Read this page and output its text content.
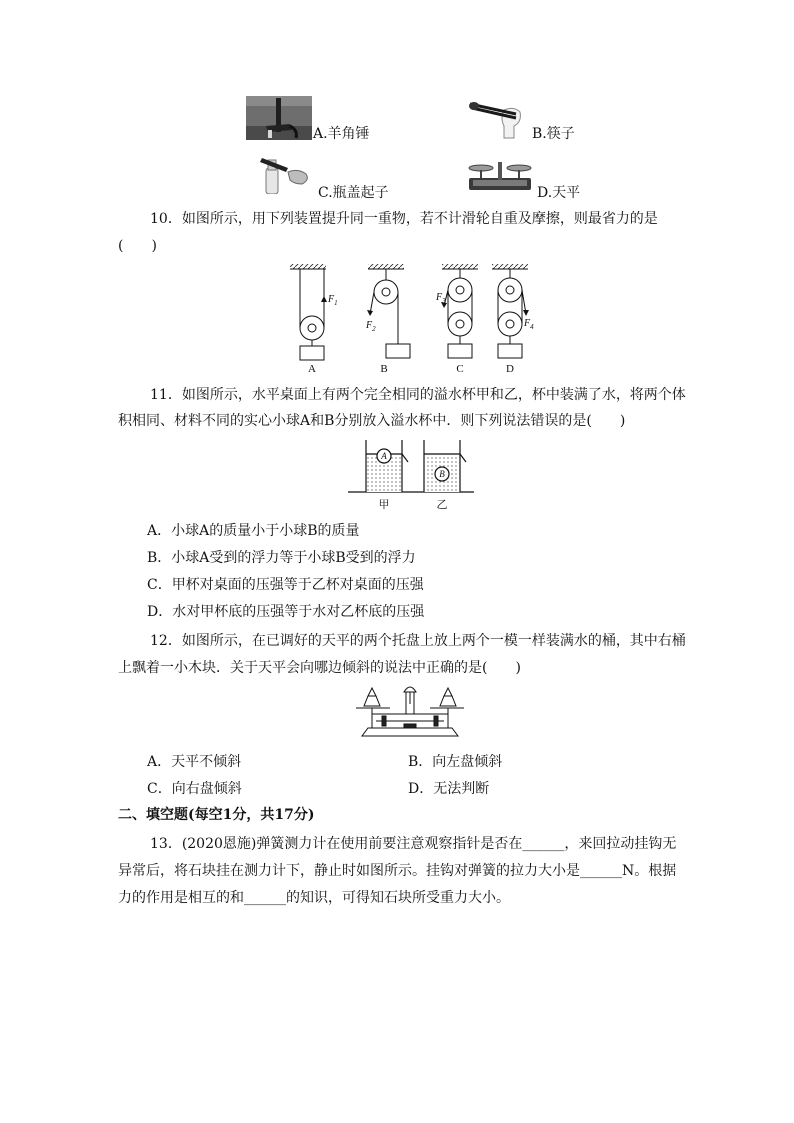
A.羊角锤	B.筷子
C.瓶盖起子	D.天平
10．如图所示，用下列装置提升同一重物，若不计滑轮自重及摩擦，则最省力的是
(　　)
$F_1$
$F_2$
$F_3$
$F_4$
A	B	C	D
11．如图所示，水平桌面上有两个完全相同的溢水杯甲和乙，杯中装满了水，将两个体
积相同、材料不同的实心小球A和B分别放入溢水杯中．则下列说法错误的是(　　)
A
B
甲	乙
A．小球A的质量小于小球B的质量
B．小球A受到的浮力等于小球B受到的浮力
C．甲杯对桌面的压强等于乙杯对桌面的压强
D．水对甲杯底的压强等于水对乙杯底的压强
12．如图所示，在已调好的天平的两个托盘上放上两个一模一样装满水的桶，其中右桶
上飘着一小木块．关于天平会向哪边倾斜的说法中正确的是(　　)
A．天平不倾斜	B．向左盘倾斜
C．向右盘倾斜	D．无法判断
二、填空题(每空1分，共17分)
13．(2020恩施)弹簧测力计在使用前要注意观察指针是否在______，来回拉动挂钩无
异常后，将石块挂在测力计下，静止时如图所示。挂钩对弹簧的拉力大小是______N。根据
力的作用是相互的和______的知识，可得知石块所受重力大小。
